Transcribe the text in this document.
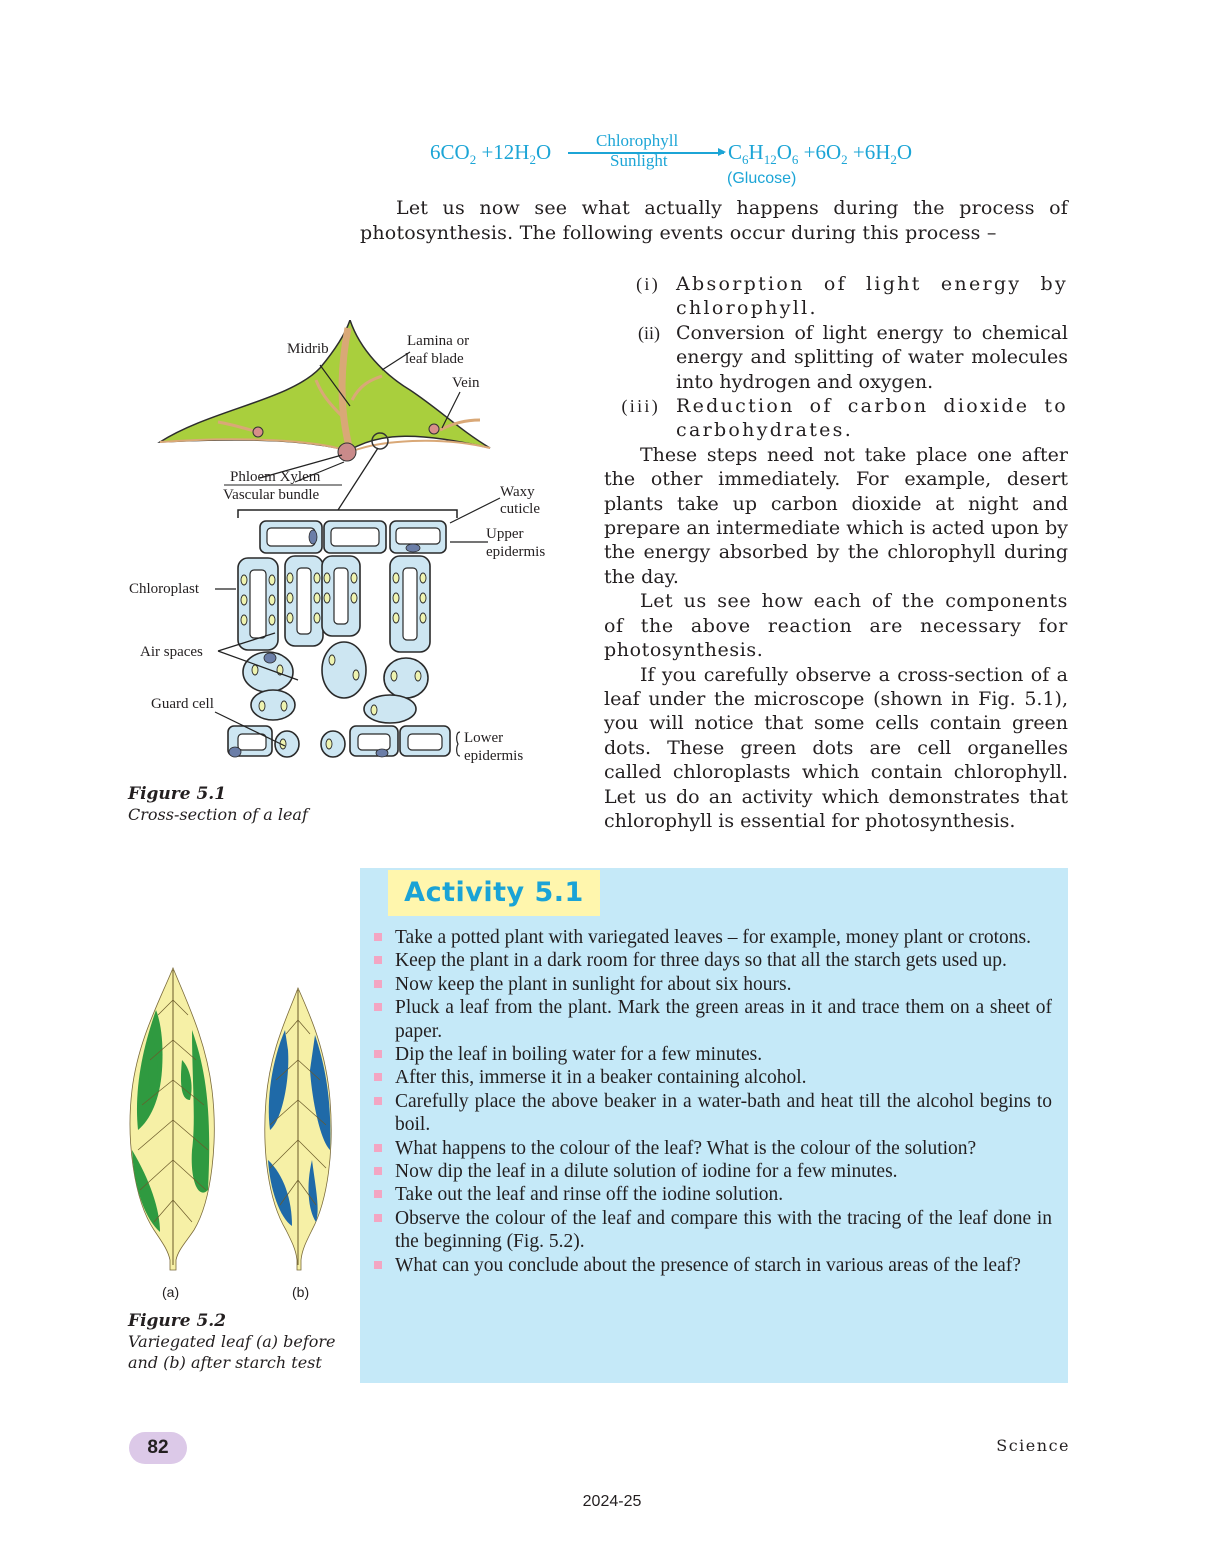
$6CO_2 +12H_2O$	Chlorophyll
Sunlight	$C_6H_{12}O_6 +6O_2 +6H_2O$
(Glucose)

Let us now see what actually happens during the process of photosynthesis. The following events occur during this process –

(i) Absorption of light energy by chlorophyll.
(ii) Conversion of light energy to chemical energy and splitting of water molecules into hydrogen and oxygen.
(iii) Reduction of carbon dioxide to carbohydrates.

These steps need not take place one after the other immediately. For example, desert plants take up carbon dioxide at night and prepare an intermediate which is acted upon by the energy absorbed by the chlorophyll during the day.

Let us see how each of the components of the above reaction are necessary for photosynthesis.

If you carefully observe a cross-section of a leaf under the microscope (shown in Fig. 5.1), you will notice that some cells contain green dots. These green dots are cell organelles called chloroplasts which contain chlorophyll. Let us do an activity which demonstrates that chlorophyll is essential for photosynthesis.

Midrib	Lamina or
leaf blade
Vein
Phloem Xylem
Vascular bundle	Waxy
cuticle
Upper
epidermis
Chloroplast
Air spaces
Guard cell
Lower
epidermis
Figure 5.1
Cross-section of a leaf
Activity 5.1
Take a potted plant with variegated leaves – for example, money plant or crotons.
Keep the plant in a dark room for three days so that all the starch gets used up.
Now keep the plant in sunlight for about six hours.
Pluck a leaf from the plant. Mark the green areas in it and trace them on a sheet of paper.
Dip the leaf in boiling water for a few minutes.
After this, immerse it in a beaker containing alcohol.
Carefully place the above beaker in a water-bath and heat till the alcohol begins to boil.
What happens to the colour of the leaf? What is the colour of the solution?
Now dip the leaf in a dilute solution of iodine for a few minutes.
Take out the leaf and rinse off the iodine solution.
Observe the colour of the leaf and compare this with the tracing of the leaf done in the beginning (Fig. 5.2).
What can you conclude about the presence of starch in various areas of the leaf?
(a)	(b)
Figure 5.2
Variegated leaf (a) before
and (b) after starch test
82	Science
2024-25
